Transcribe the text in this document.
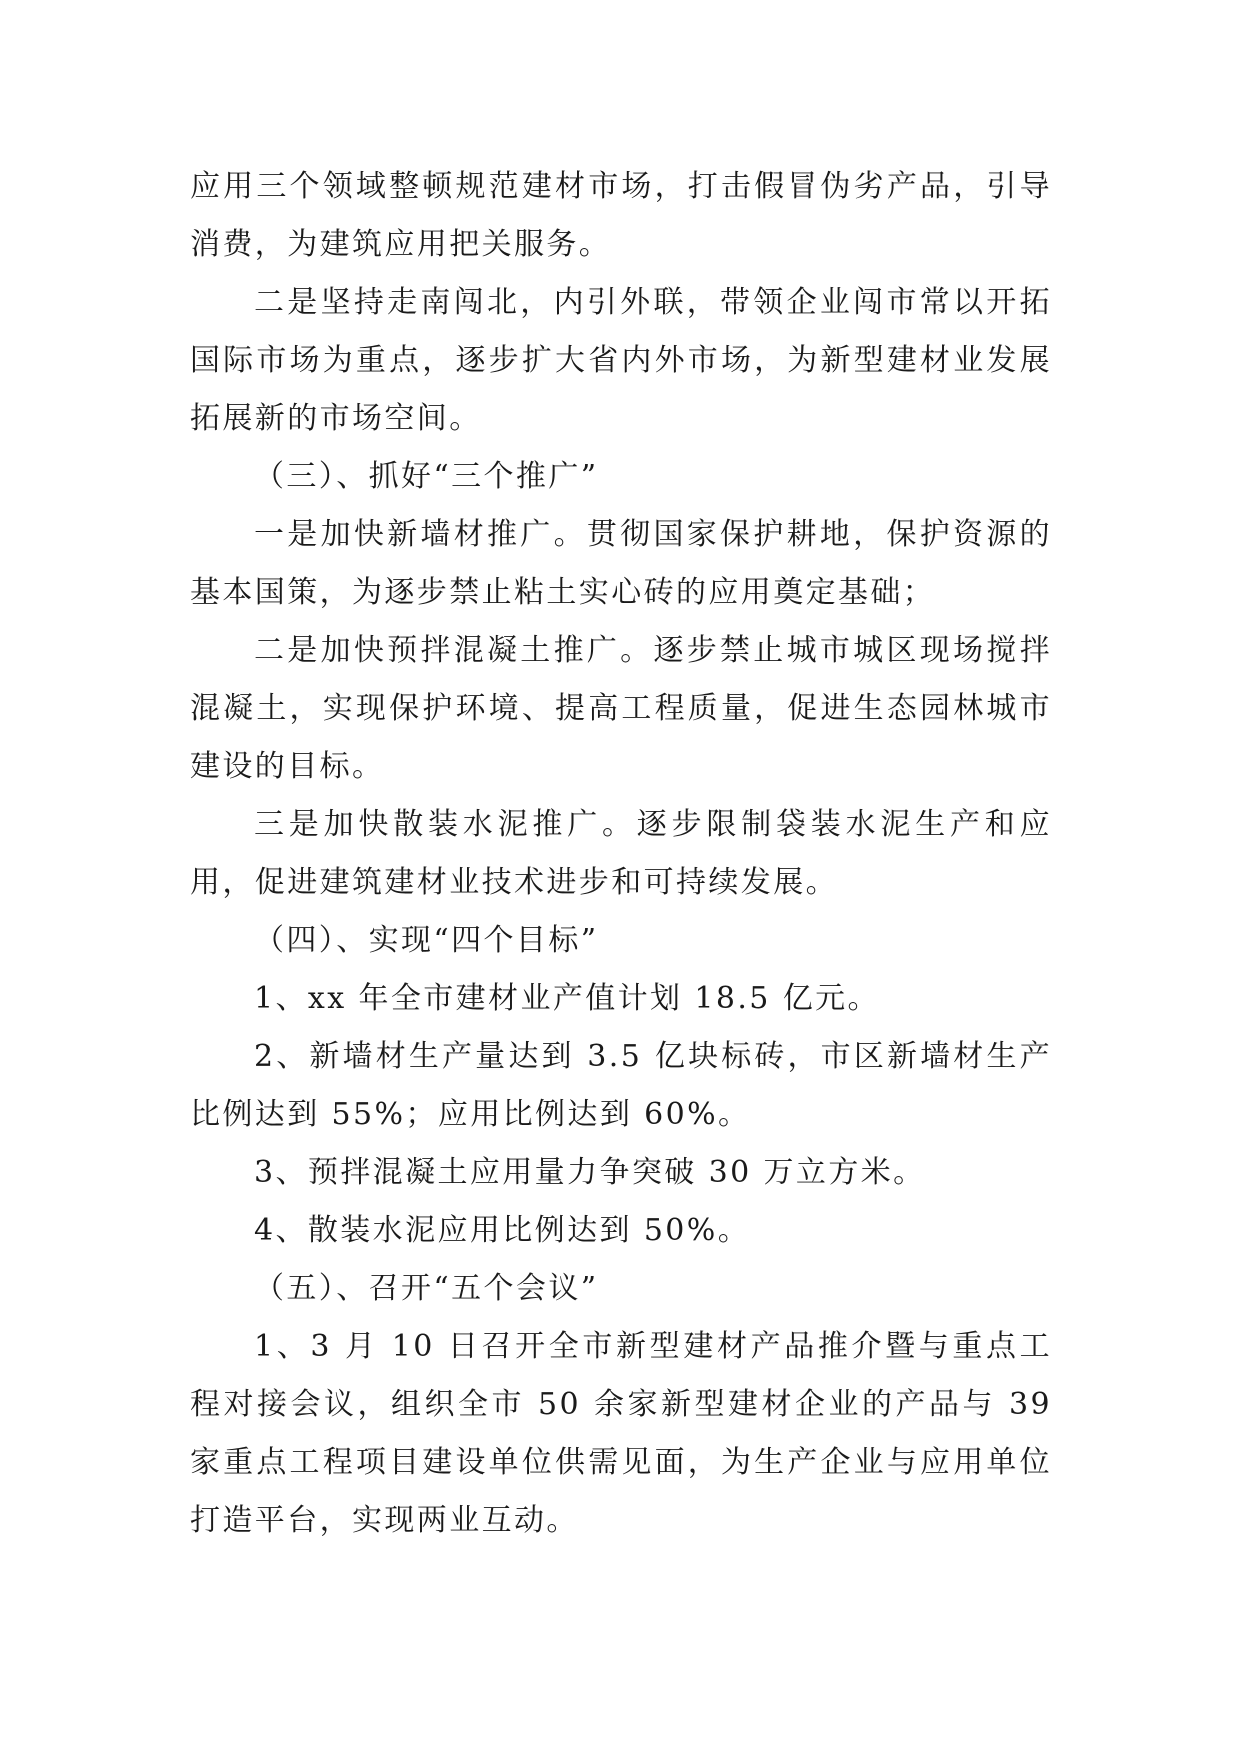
应用三个领域整顿规范建材市场，打击假冒伪劣产品，引导消费，为建筑应用把关服务。

二是坚持走南闯北，内引外联，带领企业闯市常以开拓国际市场为重点，逐步扩大省内外市场，为新型建材业发展拓展新的市场空间。

（三）、抓好“三个推广”

一是加快新墙材推广。贯彻国家保护耕地，保护资源的基本国策，为逐步禁止粘土实心砖的应用奠定基础；

二是加快预拌混凝土推广。逐步禁止城市城区现场搅拌混凝土，实现保护环境、提高工程质量，促进生态园林城市建设的目标。

三是加快散装水泥推广。逐步限制袋装水泥生产和应用，促进建筑建材业技术进步和可持续发展。

（四）、实现“四个目标”

1、xx 年全市建材业产值计划 18.5 亿元。

2、新墙材生产量达到 3.5 亿块标砖，市区新墙材生产比例达到 55%；应用比例达到 60%。

3、预拌混凝土应用量力争突破 30 万立方米。

4、散装水泥应用比例达到 50%。

（五）、召开“五个会议”

1、3 月 10 日召开全市新型建材产品推介暨与重点工程对接会议，组织全市 50 余家新型建材企业的产品与 39 家重点工程项目建设单位供需见面，为生产企业与应用单位打造平台，实现两业互动。
